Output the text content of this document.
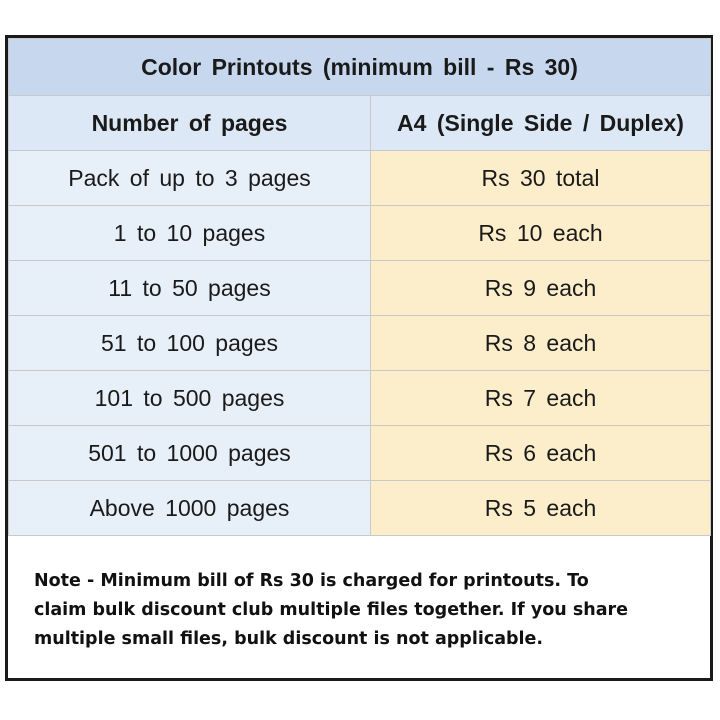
Color Printouts (minimum bill - Rs 30)	
Number of pages	A4 (Single Side / Duplex)
Pack of up to 3 pages	Rs 30 total
1 to 10 pages	Rs 10 each
11 to 50 pages	Rs 9 each
51 to 100 pages	Rs 8 each
101 to 500 pages	Rs 7 each
501 to 1000 pages	Rs 6 each
Above 1000 pages	Rs 5 each
Note - Minimum bill of Rs 30 is charged for printouts. To
claim bulk discount club multiple files together. If you share
multiple small files, bulk discount is not applicable.
